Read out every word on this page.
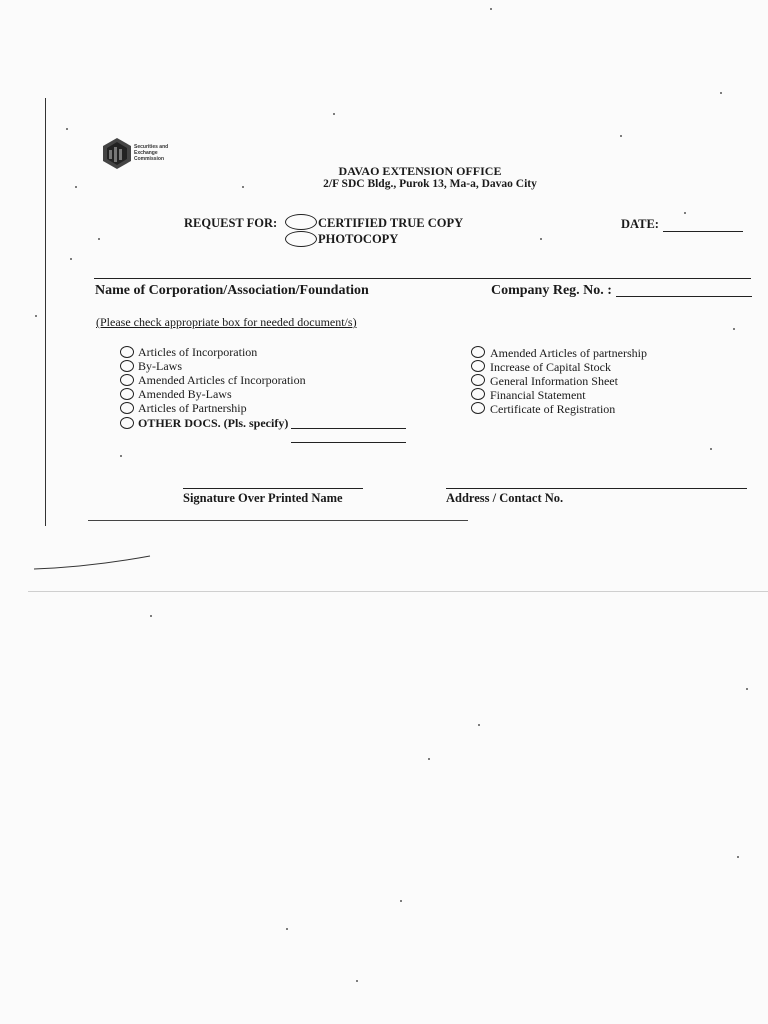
Securities and
Exchange
Commission
DAVAO EXTENSION OFFICE
2/F SDC Bldg., Purok 13, Ma-a, Davao City
REQUEST FOR:	CERTIFIED TRUE COPY
PHOTOCOPY
DATE:
Name of Corporation/Association/Foundation	Company Reg. No. :
(Please check appropriate box for needed document/s)
Articles of Incorporation
By-Laws
Amended Articles cf Incorporation
Amended By-Laws
Articles of Partnership
OTHER DOCS. (Pls. specify)
Amended Articles of partnership
Increase of Capital Stock
General Information Sheet
Financial Statement
Certificate of Registration
Signature Over Printed Name	Address / Contact No.
